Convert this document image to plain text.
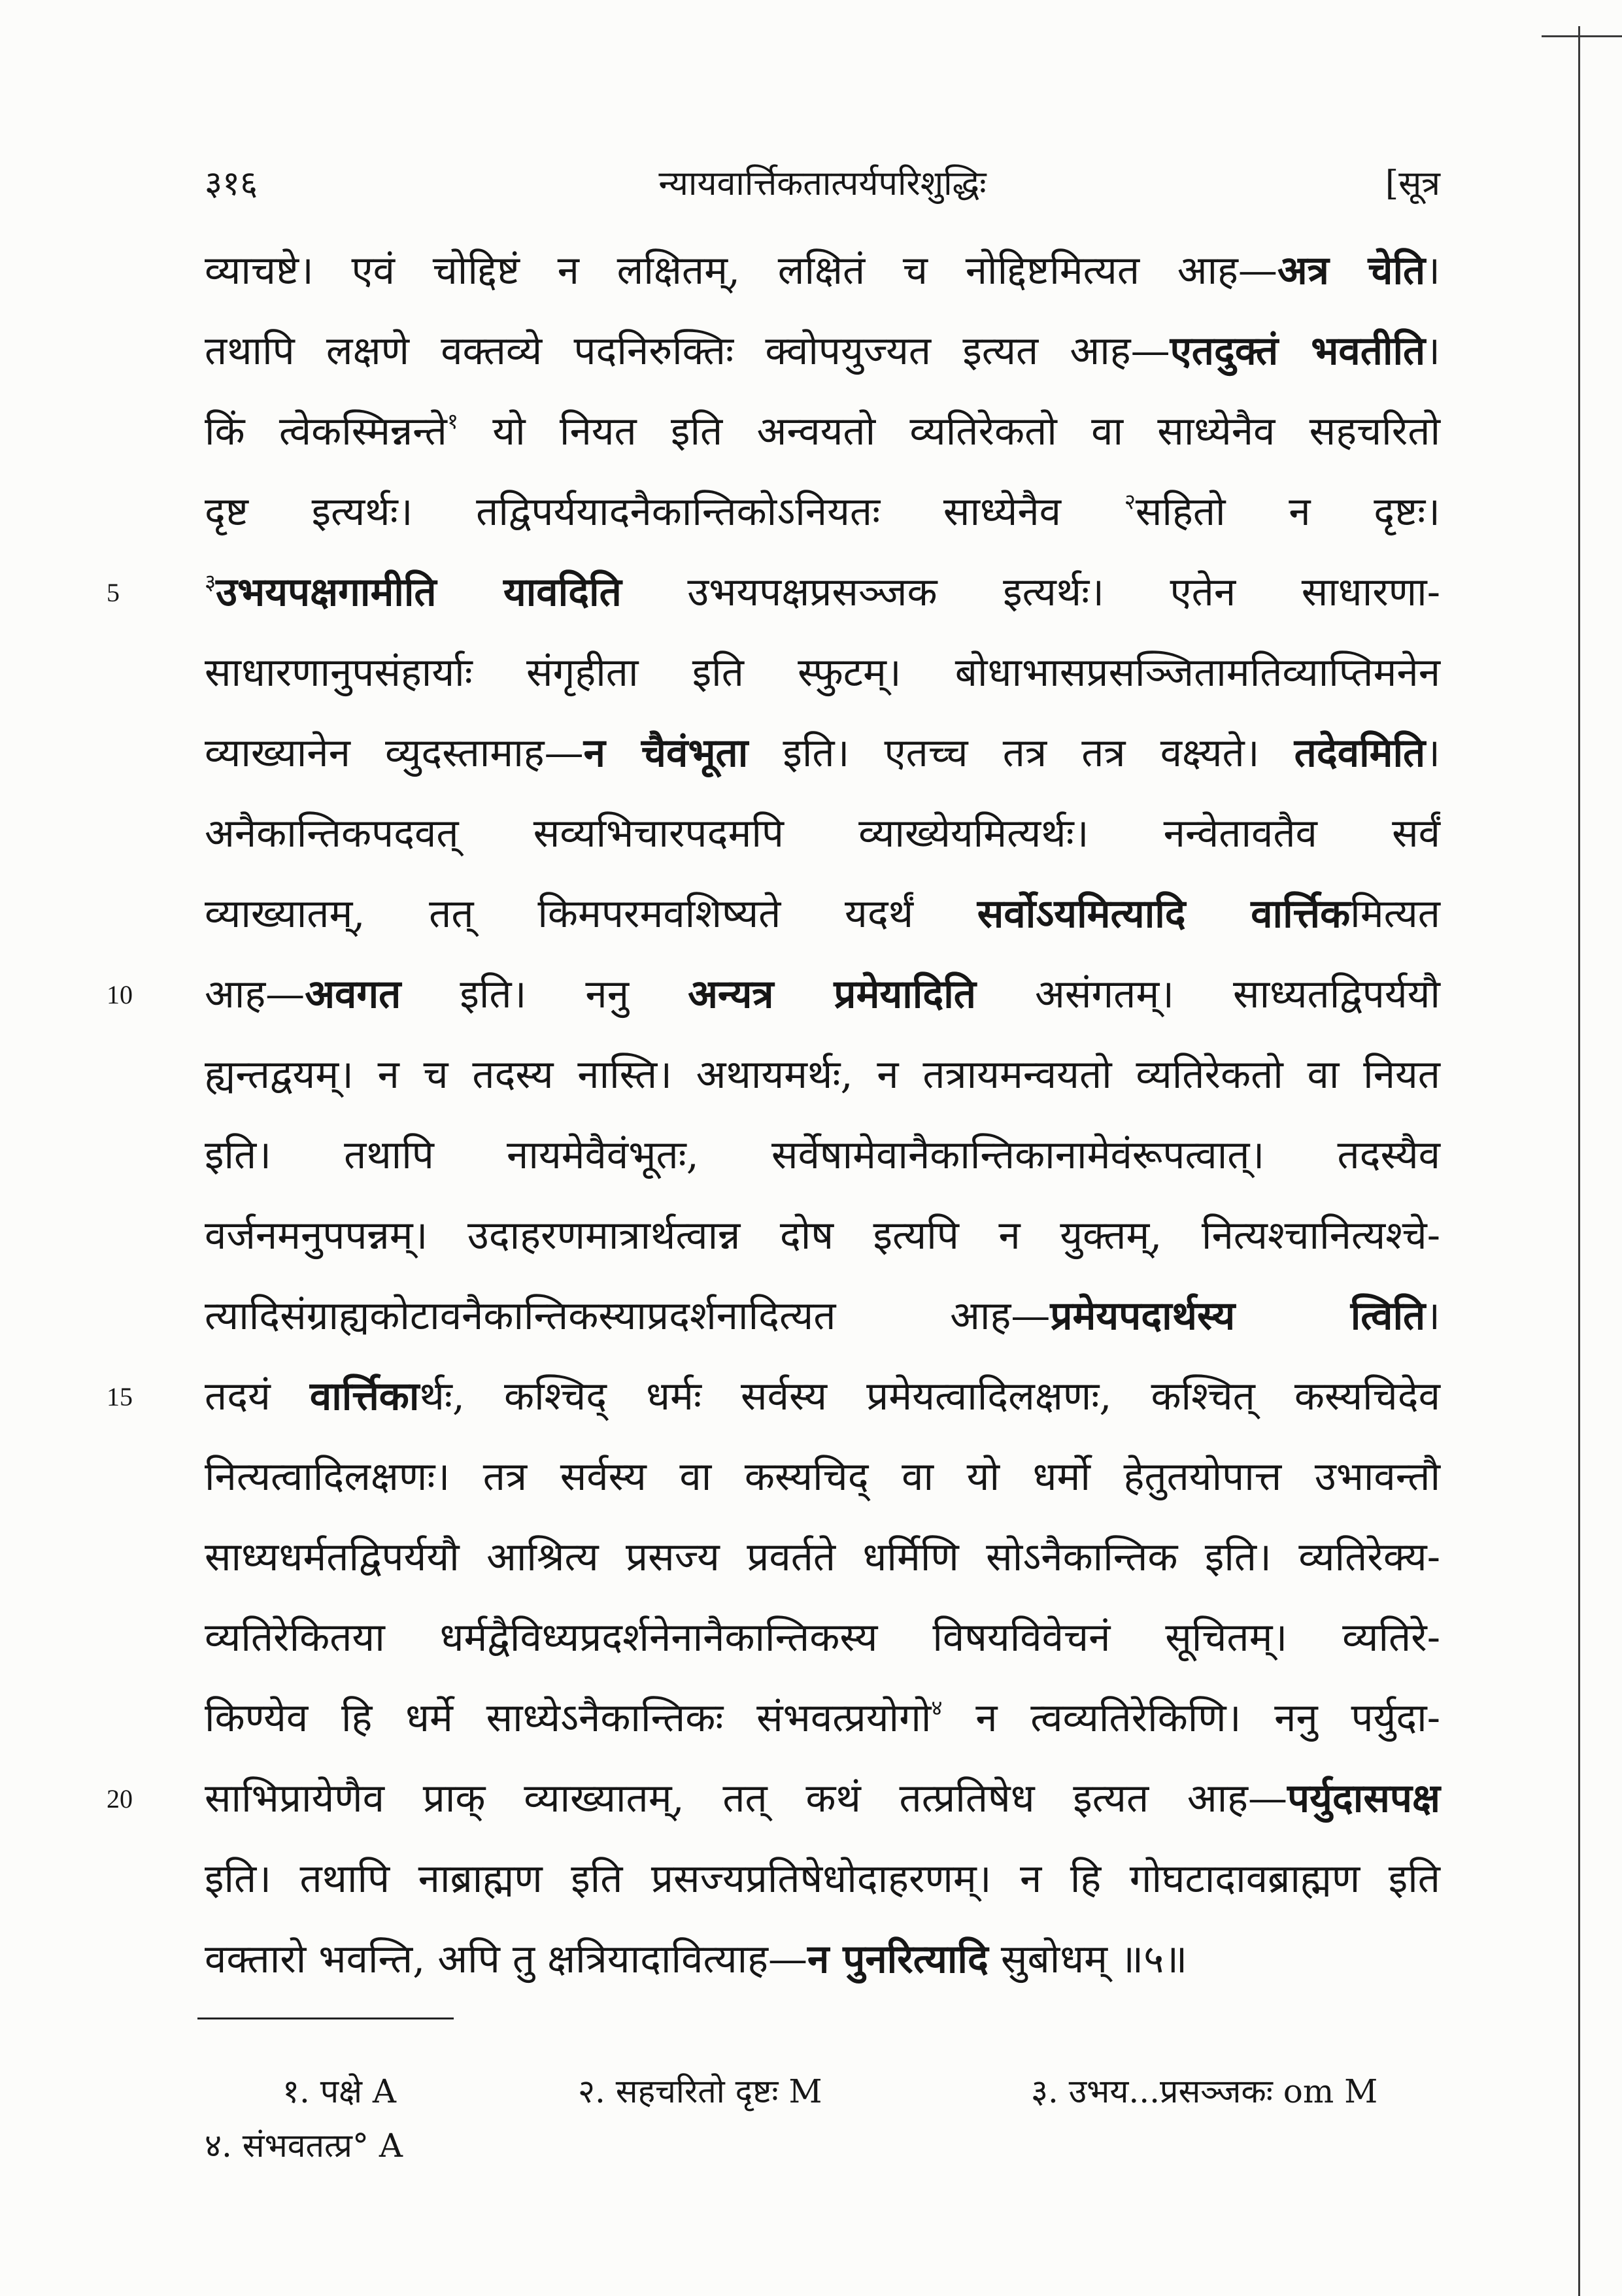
३१६	न्यायवार्त्तिकतात्पर्यपरिशुद्धिः	[सूत्र
व्याचष्टे। एवं चोद्दिष्टं न लक्षितम्, लक्षितं च नोद्दिष्टमित्यत आह—अत्र चेति।
तथापि लक्षणे वक्तव्ये पदनिरुक्तिः क्वोपयुज्यत इत्यत आह—एतदुक्तं भवतीति।
किं त्वेकस्मिन्नन्ते$^१$ यो नियत इति अन्वयतो व्यतिरेकतो वा साध्येनैव सहचरितो
दृष्ट इत्यर्थः। तद्विपर्ययादनैकान्तिकोऽनियतः साध्येनैव $^२$सहितो न दृष्टः।
5	$^३$उभयपक्षगामीति यावदिति उभयपक्षप्रसञ्जक इत्यर्थः। एतेन साधारणा-
साधारणानुपसंहार्याः संगृहीता इति स्फुटम्। बोधाभासप्रसञ्जितामतिव्याप्तिमनेन
व्याख्यानेन व्युदस्तामाह—न चैवंभूता इति। एतच्च तत्र तत्र वक्ष्यते। तदेवमिति।
अनैकान्तिकपदवत् सव्यभिचारपदमपि व्याख्येयमित्यर्थः। नन्वेतावतैव सर्वं
व्याख्यातम्, तत् किमपरमवशिष्यते यदर्थं सर्वोऽयमित्यादि वार्त्तिकमित्यत
10	आह—अवगत इति। ननु अन्यत्र प्रमेयादिति असंगतम्। साध्यतद्विपर्ययौ
ह्यन्तद्वयम्। न च तदस्य नास्ति। अथायमर्थः, न तत्रायमन्वयतो व्यतिरेकतो वा नियत
इति। तथापि नायमेवैवंभूतः, सर्वेषामेवानैकान्तिकानामेवंरूपत्वात्। तदस्यैव
वर्जनमनुपपन्नम्। उदाहरणमात्रार्थत्वान्न दोष इत्यपि न युक्तम्, नित्यश्चानित्यश्चे-
त्यादिसंग्राह्यकोटावनैकान्तिकस्याप्रदर्शनादित्यत आह—प्रमेयपदार्थस्य त्विति।
15	तदयं वार्त्तिकार्थः, कश्चिद् धर्मः सर्वस्य प्रमेयत्वादिलक्षणः, कश्चित् कस्यचिदेव
नित्यत्वादिलक्षणः। तत्र सर्वस्य वा कस्यचिद् वा यो धर्मो हेतुतयोपात्त उभावन्तौ
साध्यधर्मतद्विपर्ययौ आश्रित्य प्रसज्य प्रवर्तते धर्मिणि सोऽनैकान्तिक इति। व्यतिरेक्य-
व्यतिरेकितया धर्मद्वैविध्यप्रदर्शनेनानैकान्तिकस्य विषयविवेचनं सूचितम्। व्यतिरे-
किण्येव हि धर्मे साध्येऽनैकान्तिकः संभवत्प्रयोगो$^४$ न त्वव्यतिरेकिणि। ननु पर्युदा-
20	साभिप्रायेणैव प्राक् व्याख्यातम्, तत् कथं तत्प्रतिषेध इत्यत आह—पर्युदासपक्ष
इति। तथापि नाब्राह्मण इति प्रसज्यप्रतिषेधोदाहरणम्। न हि गोघटादावब्राह्मण इति
वक्तारो भवन्ति, अपि तु क्षत्रियादावित्याह—न पुनरित्यादि सुबोधम् ॥५॥
१. पक्षे A	२. सहचरितो दृष्टः M	३. उभय...प्रसञ्जकः om M
४. संभवतत्प्र° A
